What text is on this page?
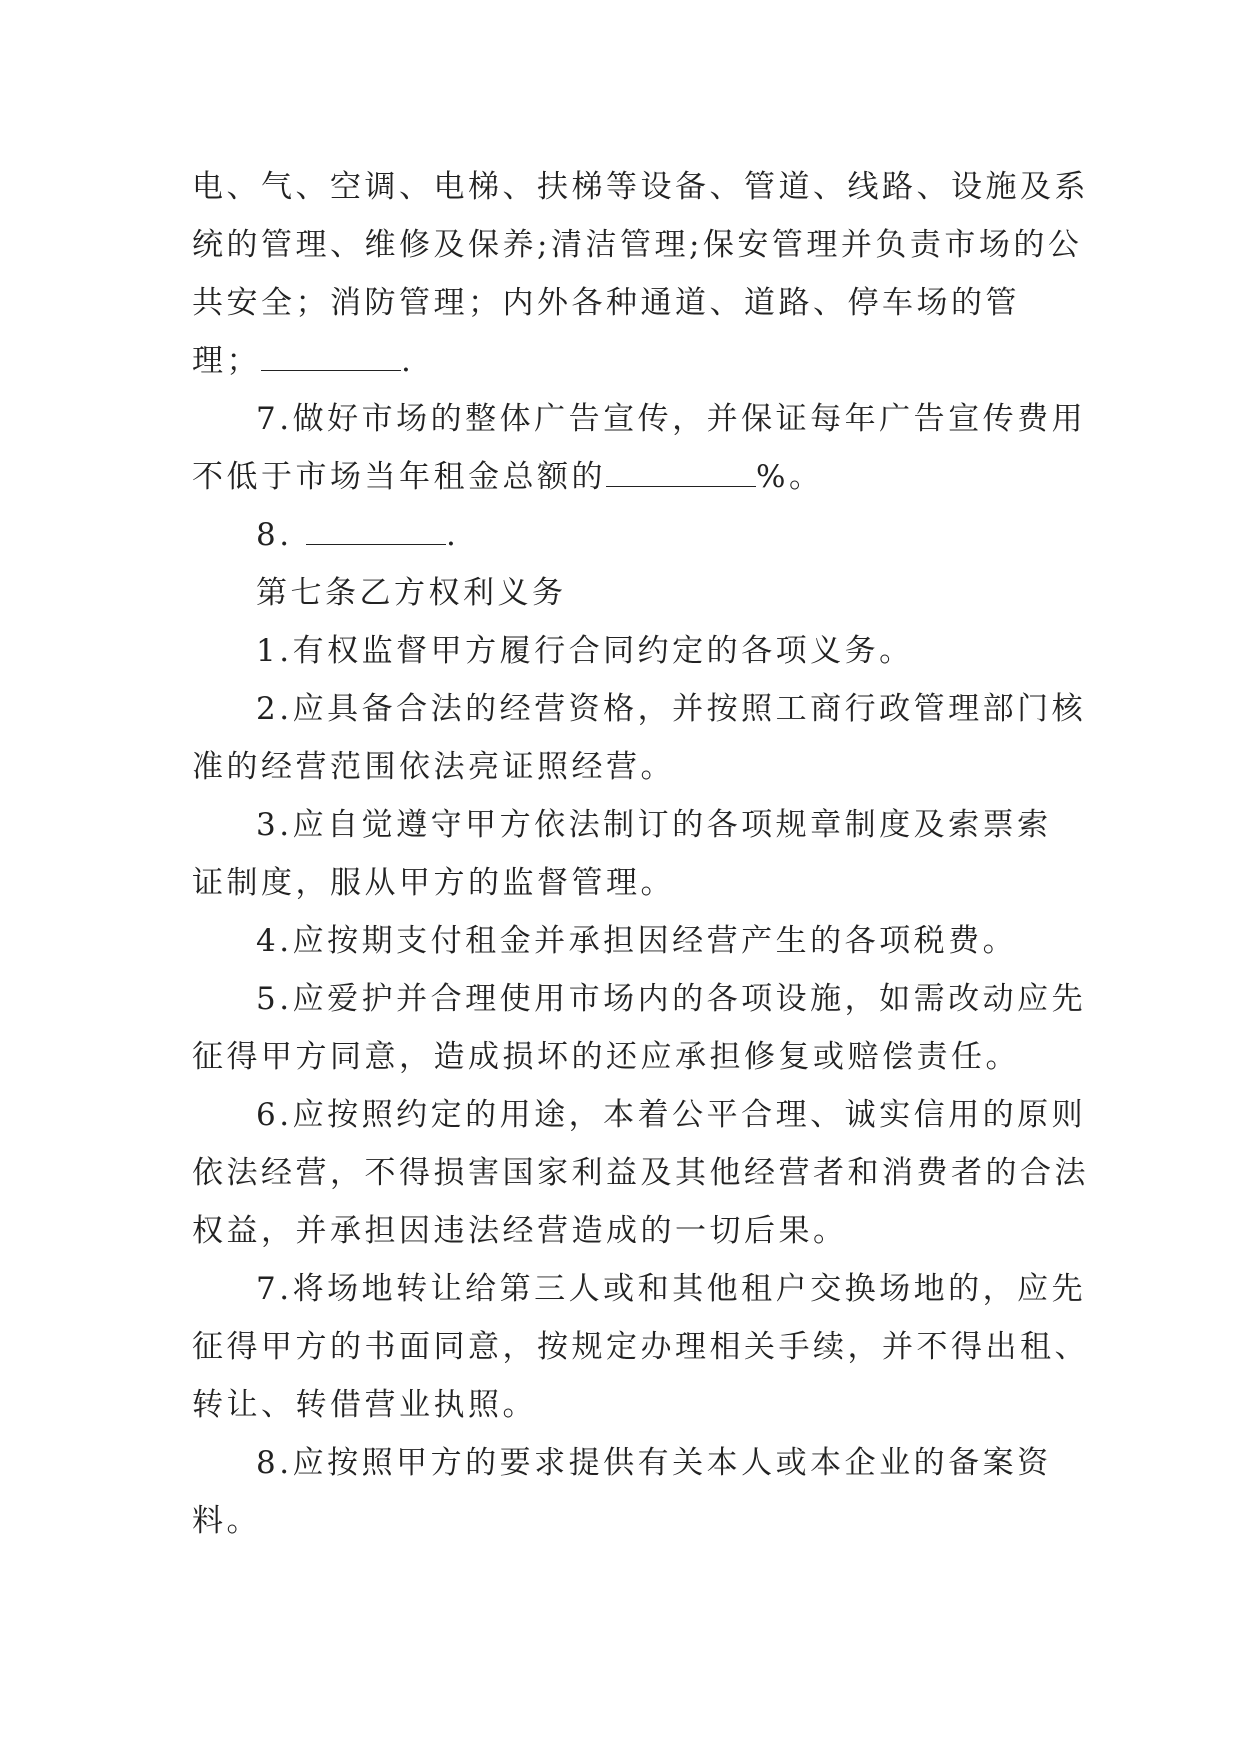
电、气、空调、电梯、扶梯等设备、管道、线路、设施及系
统的管理、维修及保养;清洁管理;保安管理并负责市场的公
共安全；消防管理；内外各种通道、道路、停车场的管
理；	.
7.做好市场的整体广告宣传，并保证每年广告宣传费用
不低于市场当年租金总额的	%。
8.	.
第七条乙方权利义务
1.有权监督甲方履行合同约定的各项义务。
2.应具备合法的经营资格，并按照工商行政管理部门核
准的经营范围依法亮证照经营。
3.应自觉遵守甲方依法制订的各项规章制度及索票索
证制度，服从甲方的监督管理。
4.应按期支付租金并承担因经营产生的各项税费。
5.应爱护并合理使用市场内的各项设施，如需改动应先
征得甲方同意，造成损坏的还应承担修复或赔偿责任。
6.应按照约定的用途，本着公平合理、诚实信用的原则
依法经营，不得损害国家利益及其他经营者和消费者的合法
权益，并承担因违法经营造成的一切后果。
7.将场地转让给第三人或和其他租户交换场地的，应先
征得甲方的书面同意，按规定办理相关手续，并不得出租、
转让、转借营业执照。
8.应按照甲方的要求提供有关本人或本企业的备案资
料。
